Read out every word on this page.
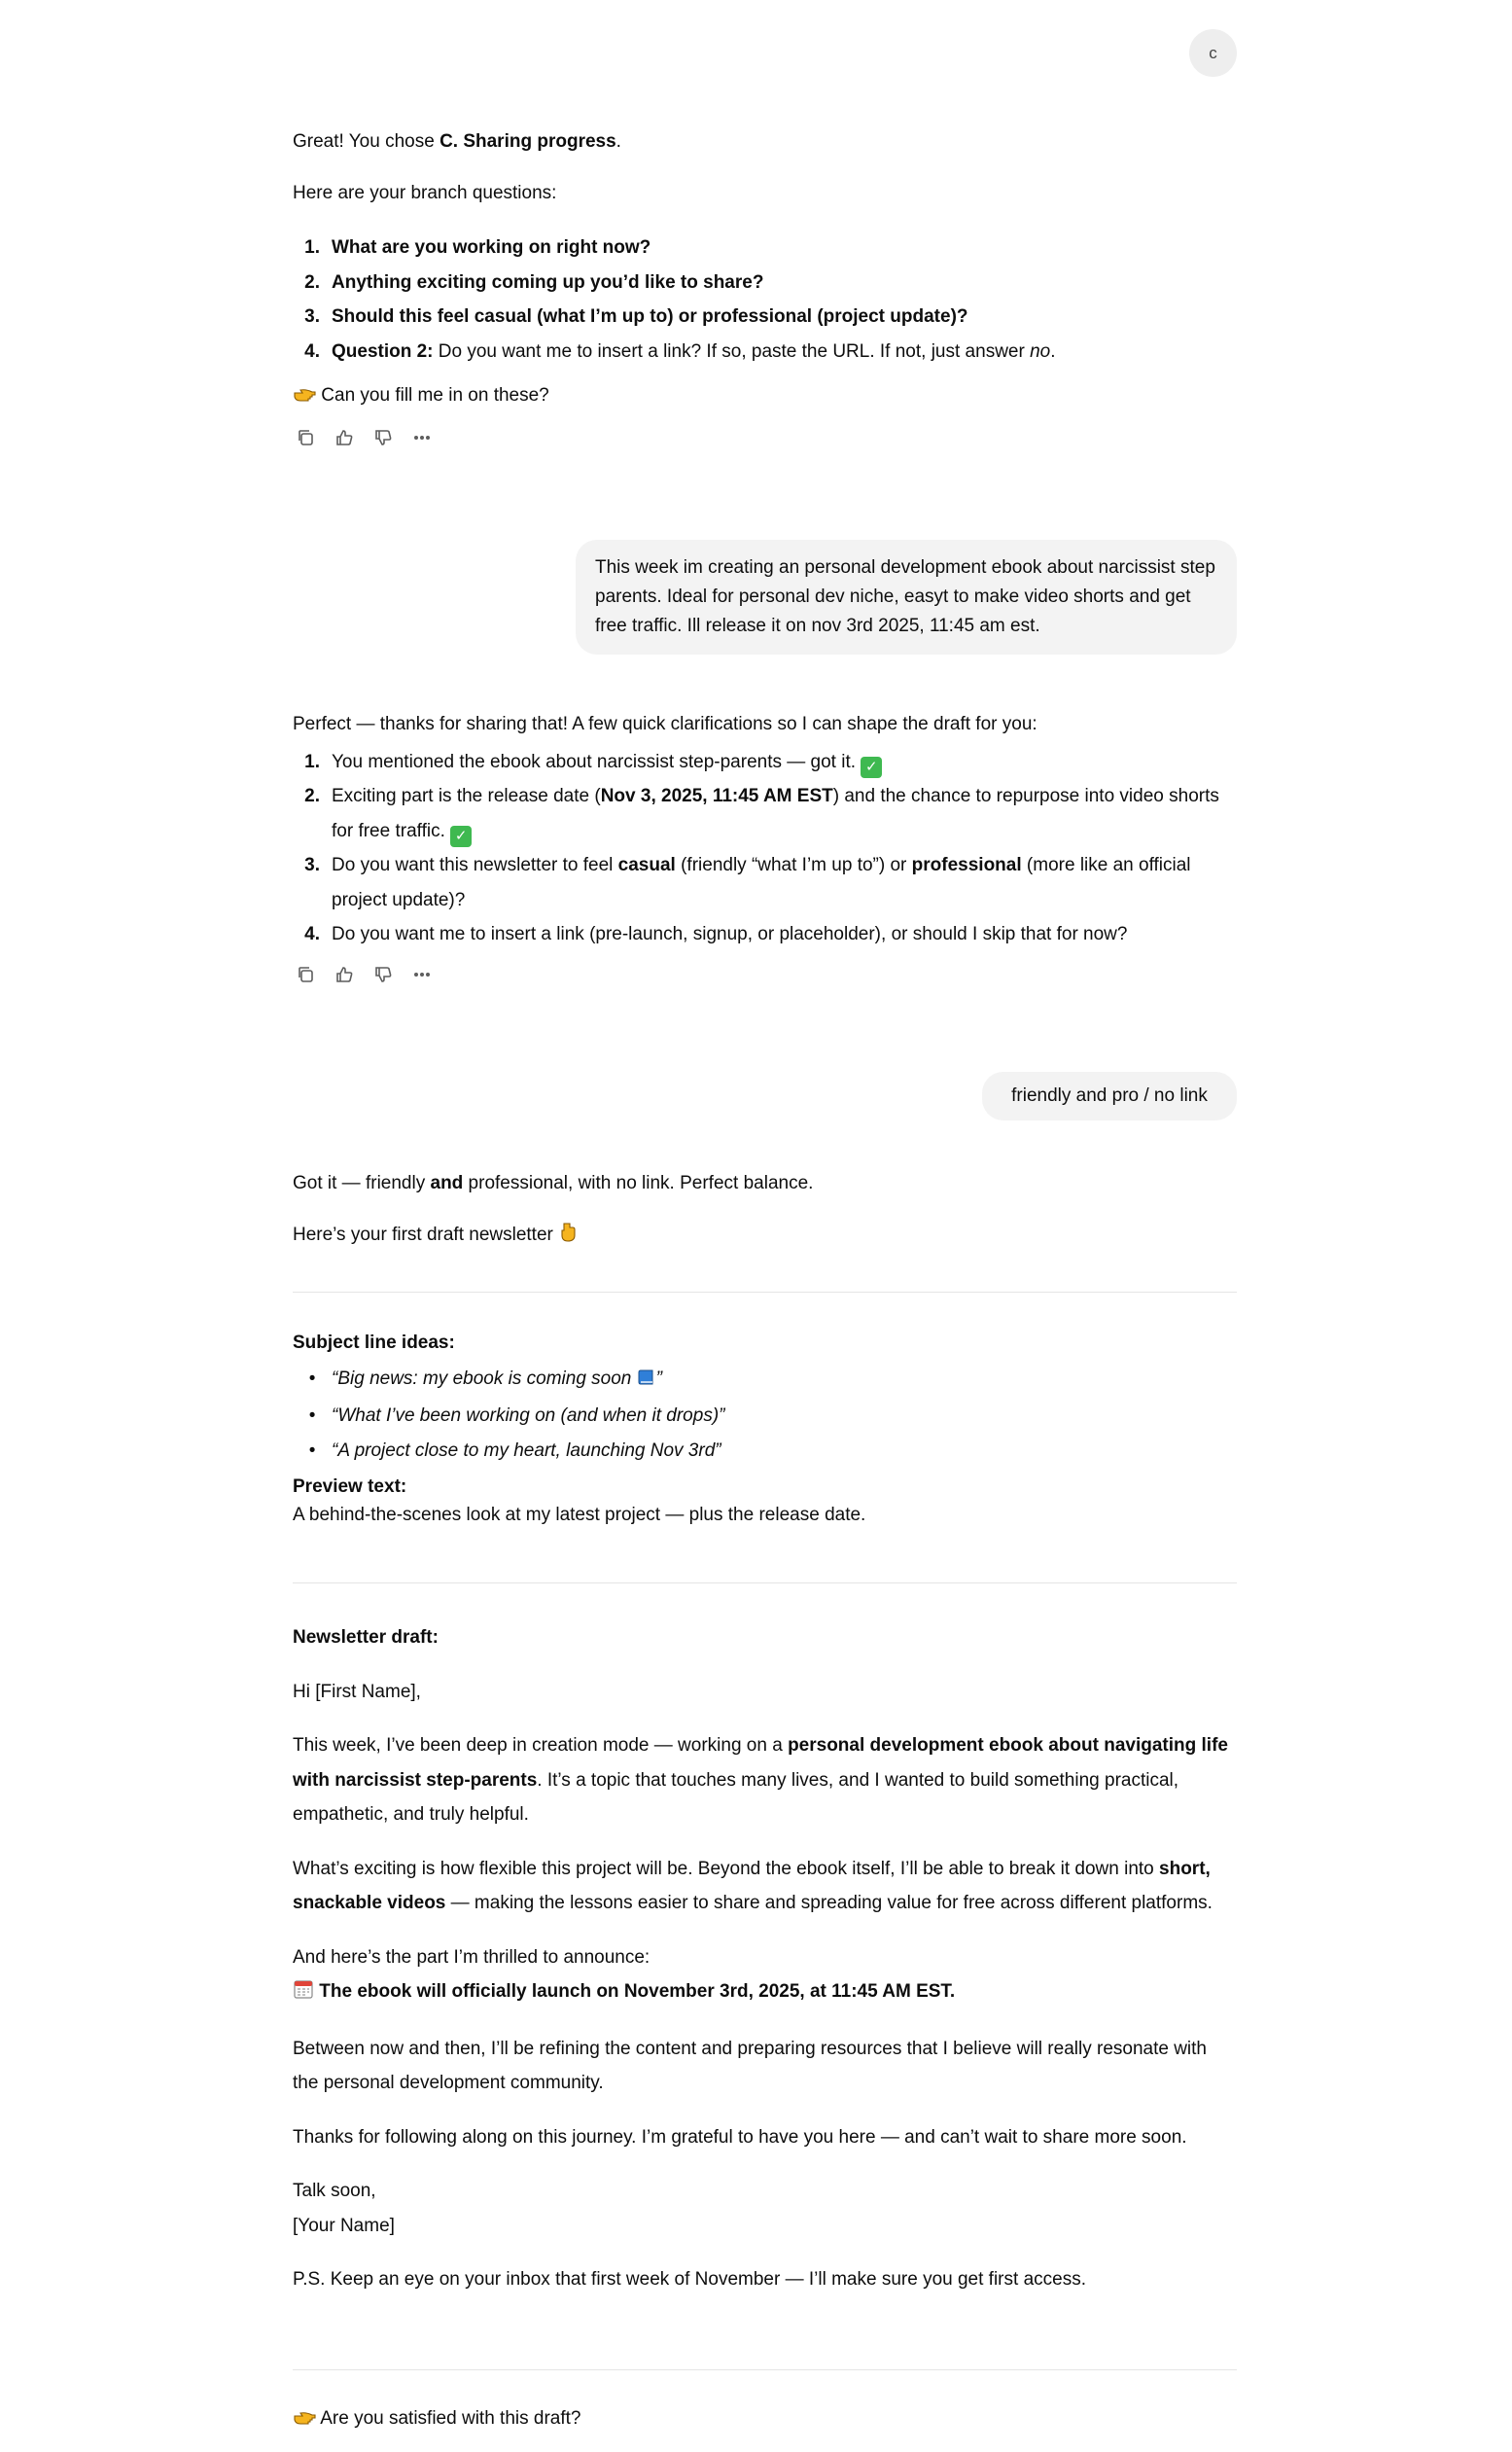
c

Great! You chose C. Sharing progress.

Here are your branch questions:

1. What are you working on right now?
2. Anything exciting coming up you’d like to share?
3. Should this feel casual (what I’m up to) or professional (project update)?
4. Question 2: Do you want me to insert a link? If so, paste the URL. If not, just answer no.

Can you fill me in on these?

This week im creating an personal development ebook about narcissist step parents. Ideal for personal dev niche, easyt to make video shorts and get free traffic. Ill release it on nov 3rd 2025, 11:45 am est.

Perfect — thanks for sharing that! A few quick clarifications so I can shape the draft for you:

1. You mentioned the ebook about narcissist step-parents — got it. ✓
2. Exciting part is the release date (Nov 3, 2025, 11:45 AM EST) and the chance to repurpose into video shorts for free traffic. ✓
3. Do you want this newsletter to feel casual (friendly “what I’m up to”) or professional (more like an official project update)?
4. Do you want me to insert a link (pre-launch, signup, or placeholder), or should I skip that for now?
friendly and pro / no link

Got it — friendly and professional, with no link. Perfect balance.

Here’s your first draft newsletter

Subject line ideas:

• “Big news: my ebook is coming soon ”
• “What I’ve been working on (and when it drops)”
• “A project close to my heart, launching Nov 3rd”

Preview text:

A behind-the-scenes look at my latest project — plus the release date.

Newsletter draft:

Hi [First Name],

This week, I’ve been deep in creation mode — working on a personal development ebook about navigating life with narcissist step-parents. It’s a topic that touches many lives, and I wanted to build something practical, empathetic, and truly helpful.

What’s exciting is how flexible this project will be. Beyond the ebook itself, I’ll be able to break it down into short, snackable videos — making the lessons easier to share and spreading value for free across different platforms.

And here’s the part I’m thrilled to announce:
The ebook will officially launch on November 3rd, 2025, at 11:45 AM EST.

Between now and then, I’ll be refining the content and preparing resources that I believe will really resonate with the personal development community.

Thanks for following along on this journey. I’m grateful to have you here — and can’t wait to share more soon.

Talk soon,
[Your Name]

P.S. Keep an eye on your inbox that first week of November — I’ll make sure you get first access.

Are you satisfied with this draft?
